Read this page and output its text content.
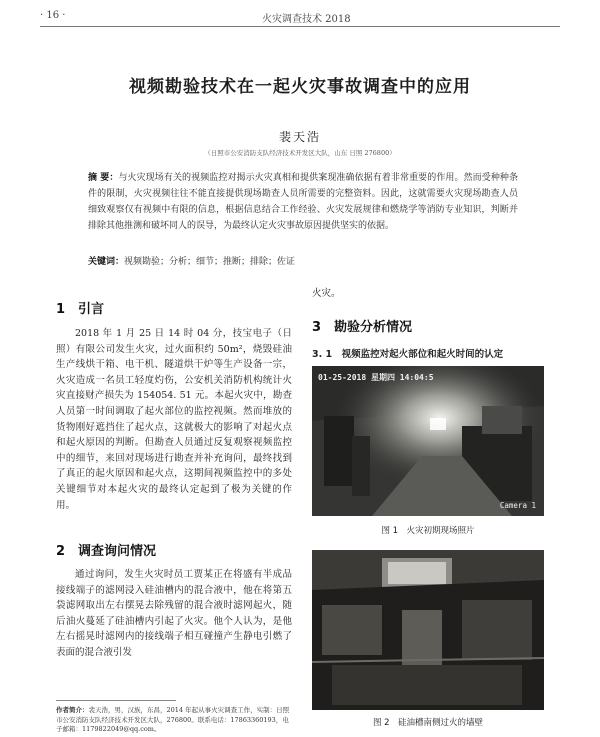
· 16 ·	火灾调查技术 2018
视频勘验技术在一起火灾事故调查中的应用
裴天浩
（日照市公安消防支队经济技术开发区大队，山东 日照 276800）
摘 要：与火灾现场有关的视频监控对揭示火灾真相和提供案现准确依据有着非常重要的作用。然而受种种条件的限制，火灾视频往往不能直接提供现场勘查人员所需要的完整资料。因此，这就需要火灾现场勘查人员细致观察仅有视频中有限的信息，根据信息结合工作经验、火灾发展规律和燃烧学等消防专业知识，判断并排除其他推测和破坏同人的误导，为最终认定火灾事故原因提供坚实的依据。
关键词：视频勘验；分析；细节；推断；排除；佐证
1　引言
2018 年 1 月 25 日 14 时 04 分，技宝电子（日照）有限公司发生火灾，过火面积约 50m²，烧毁硅油生产线烘干箱、电干机、隧道烘干炉等生产设备一宗，火灾造成一名员工轻度灼伤，公安机关消防机构统计火灾直接财产损失为 154054. 51 元。本起火灾中，勘查人员第一时间调取了起火部位的监控视频。然而堆放的货物刚好遮挡住了起火点，这就极大的影响了对起火点和起火原因的判断。但勘查人员通过反复观察视频监控中的细节，来回对现场进行勘查并补充询问，最终找到了真正的起火原因和起火点，这期间视频监控中的多处关键细节对本起火灾的最终认定起到了极为关键的作用。
2　调查询问情况
通过询问，发生火灾时员工贾某正在将盛有半成品接线端子的滤网浸入硅油槽内的混合液中，他在将第五袋滤网取出左右摆晃去除残留的混合液时滤网起火，随后油火蔓延了硅油槽内引起了火灾。他个人认为，是他左右摇晃时滤网内的接线端子相互碰撞产生静电引燃了表面的混合液引发
作者简介：裴天浩，男，汉族，东昌，2014 年起从事火灾调查工作，实制：日照市公安消防支队经济技术开发区大队，276800。联系电话：17863360193，电子邮箱：1179822049@qq.com。
火灾。
3　勘验分析情况
3. 1　视频监控对起火部位和起火时间的认定
01-25-2018 星期四 14:04:5
Camera 1
图 1　火灾初期现场照片
图 2　硅油槽南侧过火的墙壁
